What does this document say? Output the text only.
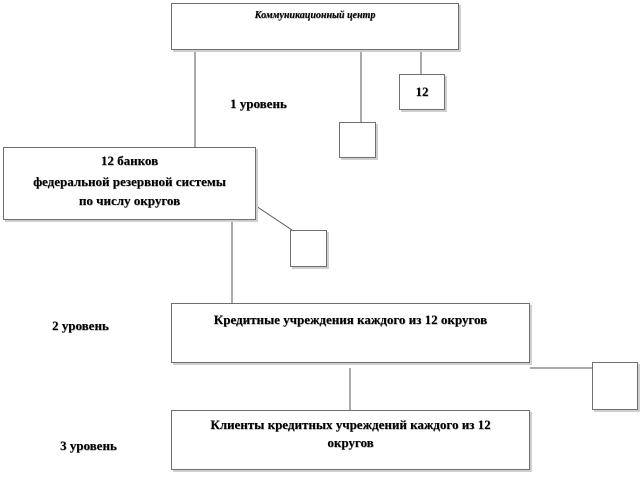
Коммуникационный центр
12
1 уровень
12 банков
федеральной резервной системы
по числу округов
2 уровень	Кредитные учреждения каждого из 12 округов
3 уровень
Клиенты кредитных учреждений каждого из 12
округов
